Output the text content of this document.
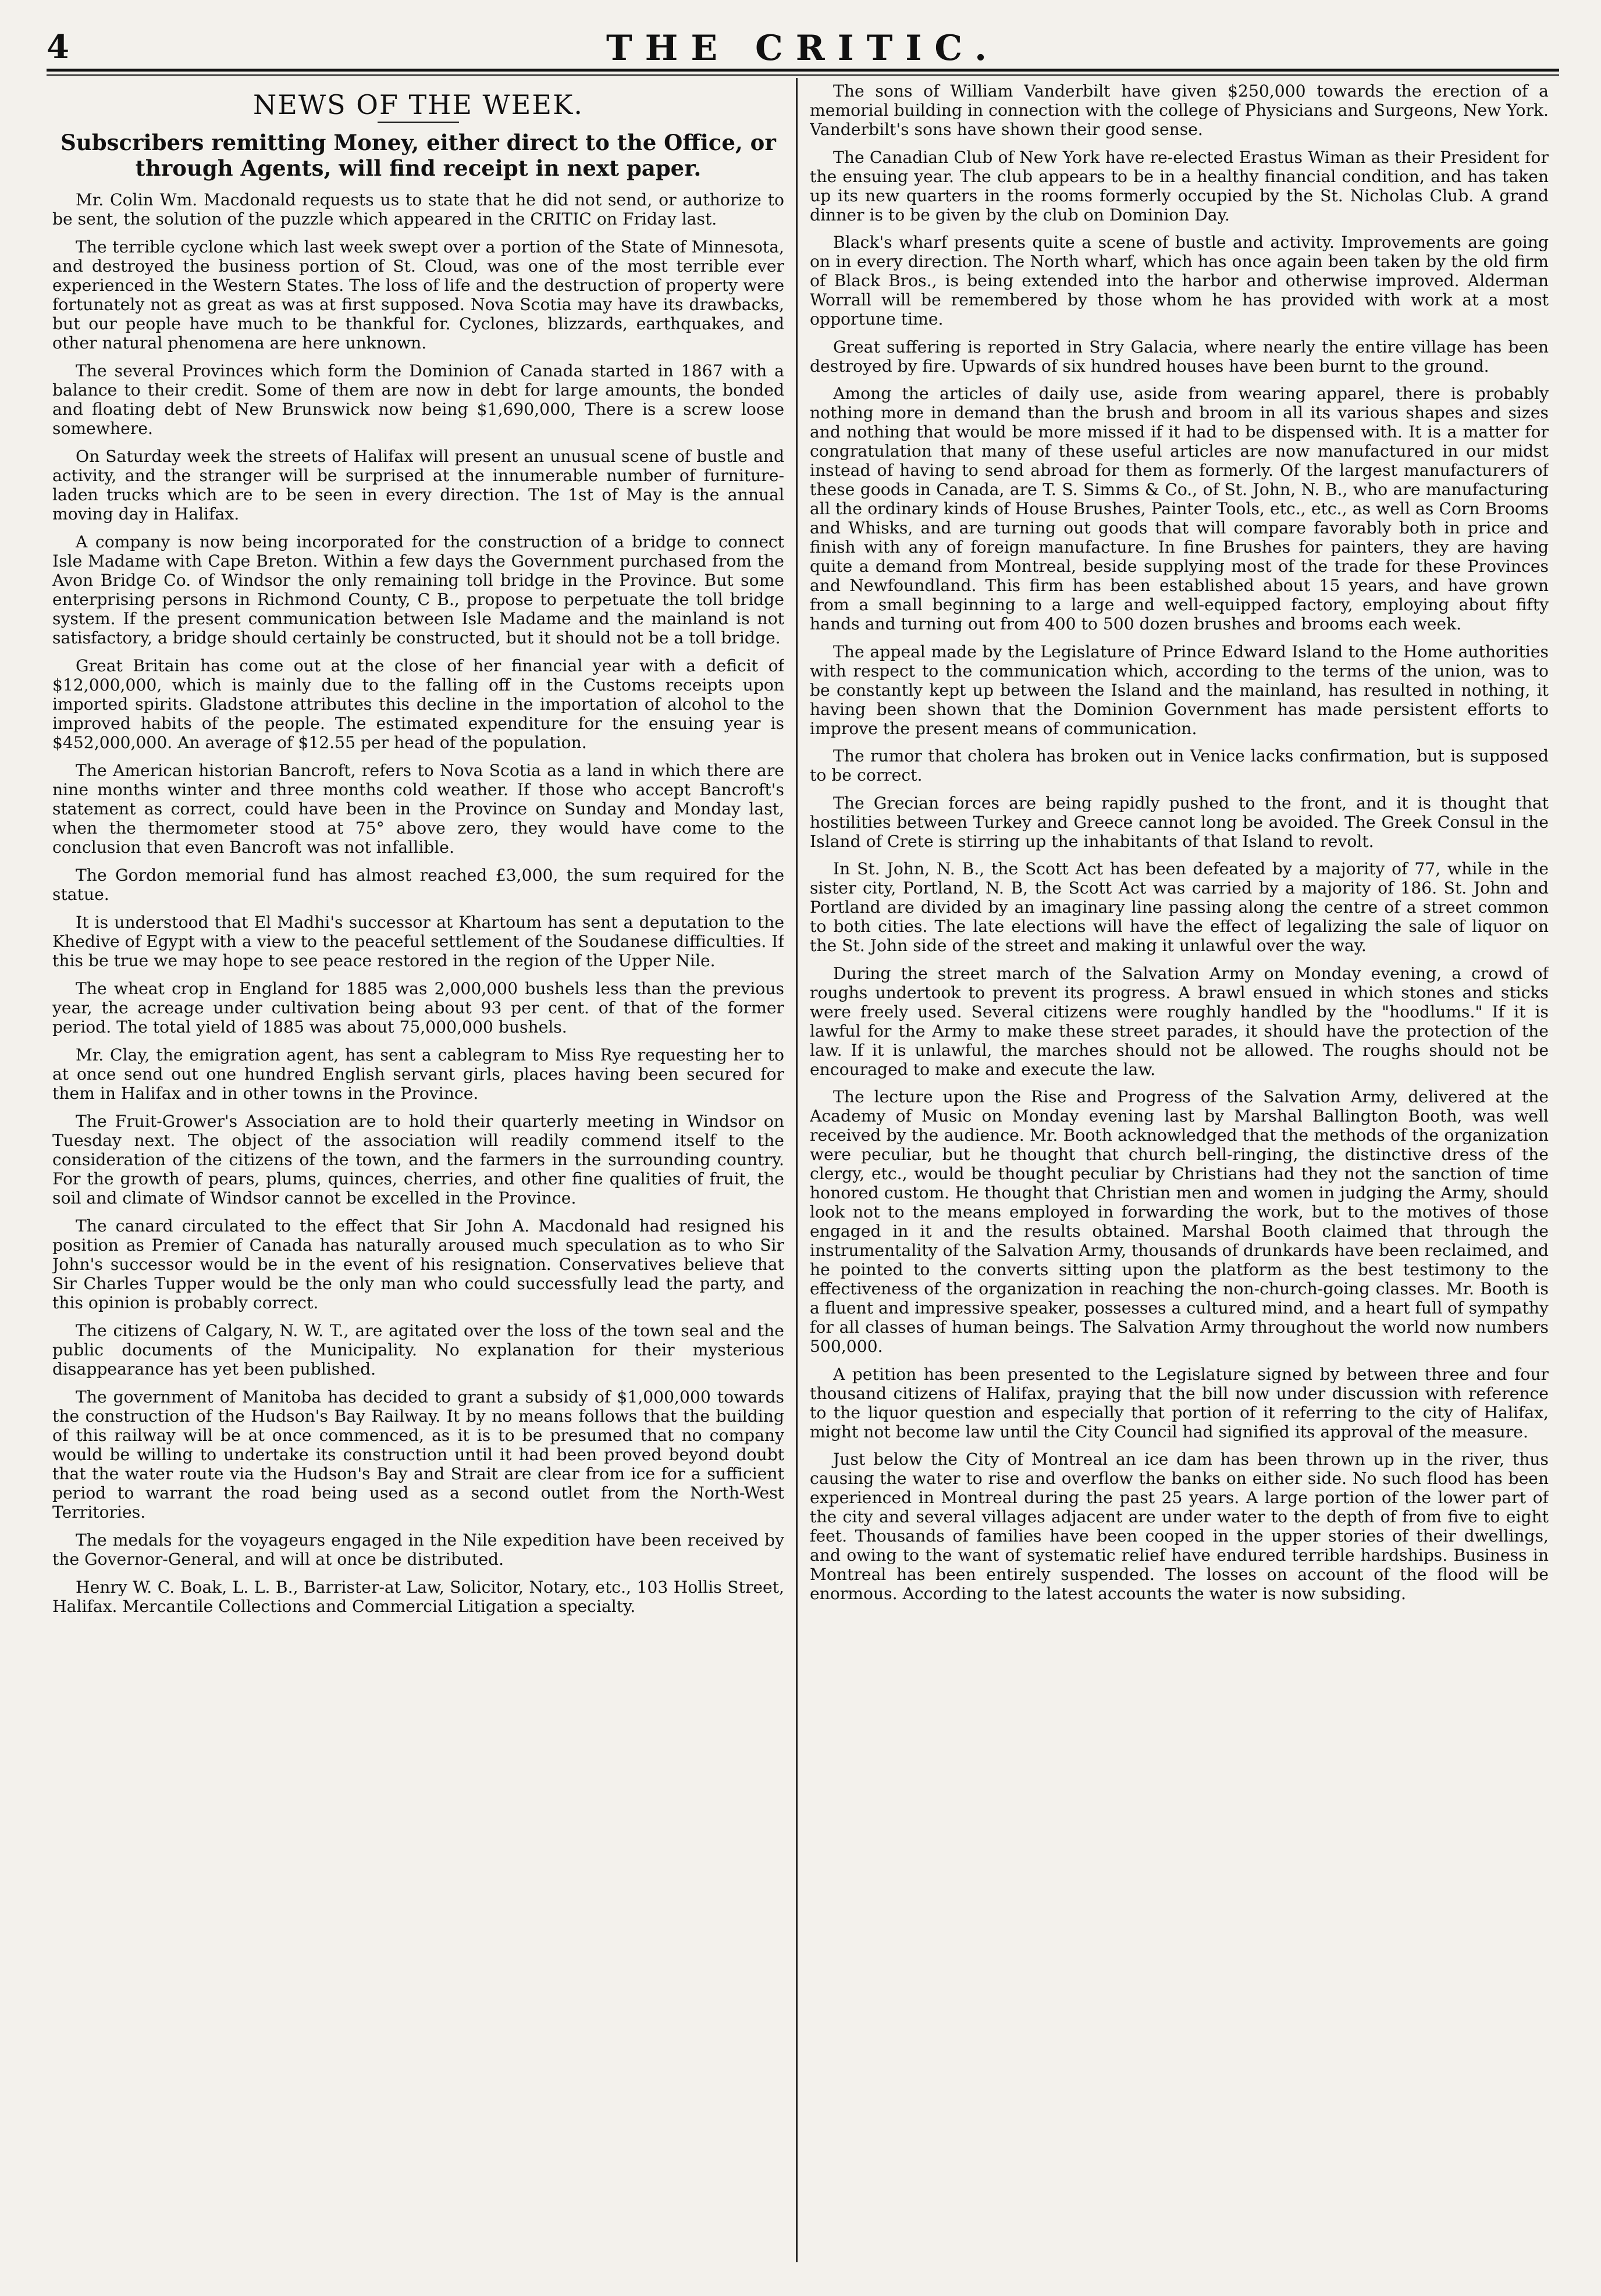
4	THE CRITIC.
NEWS OF THE WEEK.
Subscribers remitting Money, either direct to the Office, or through Agents, will find receipt in next paper.

Mr. Colin Wm. Macdonald requests us to state that he did not send, or authorize to be sent, the solution of the puzzle which appeared in the CRITIC on Friday last.

The terrible cyclone which last week swept over a portion of the State of Minnesota, and destroyed the business portion of St. Cloud, was one of the most terrible ever experienced in the Western States. The loss of life and the destruction of property were fortunately not as great as was at first supposed. Nova Scotia may have its drawbacks, but our people have much to be thankful for. Cyclones, blizzards, earthquakes, and other natural phenomena are here unknown.

The several Provinces which form the Dominion of Canada started in 1867 with a balance to their credit. Some of them are now in debt for large amounts, the bonded and floating debt of New Brunswick now being $1,690,000, There is a screw loose somewhere.

On Saturday week the streets of Halifax will present an unusual scene of bustle and activity, and the stranger will be surprised at the innumerable number of furniture-laden trucks which are to be seen in every direction. The 1st of May is the annual moving day in Halifax.

A company is now being incorporated for the construction of a bridge to connect Isle Madame with Cape Breton. Within a few days the Government purchased from the Avon Bridge Co. of Windsor the only remaining toll bridge in the Province. But some enterprising persons in Richmond County, C B., propose to perpetuate the toll bridge system. If the present communication between Isle Madame and the mainland is not satisfactory, a bridge should certainly be constructed, but it should not be a toll bridge.

Great Britain has come out at the close of her financial year with a deficit of $12,000,000, which is mainly due to the falling off in the Customs receipts upon imported spirits. Gladstone attributes this decline in the importation of alcohol to the improved habits of the people. The estimated expenditure for the ensuing year is $452,000,000. An average of $12.55 per head of the population.

The American historian Bancroft, refers to Nova Scotia as a land in which there are nine months winter and three months cold weather. If those who accept Bancroft's statement as correct, could have been in the Province on Sunday and Monday last, when the thermometer stood at 75° above zero, they would have come to the conclusion that even Bancroft was not infallible.

The Gordon memorial fund has almost reached £3,000, the sum required for the statue.

It is understood that El Madhi's successor at Khartoum has sent a deputation to the Khedive of Egypt with a view to the peaceful settlement of the Soudanese difficulties. If this be true we may hope to see peace restored in the region of the Upper Nile.

The wheat crop in England for 1885 was 2,000,000 bushels less than the previous year, the acreage under cultivation being about 93 per cent. of that of the former period. The total yield of 1885 was about 75,000,000 bushels.

Mr. Clay, the emigration agent, has sent a cablegram to Miss Rye requesting her to at once send out one hundred English servant girls, places having been secured for them in Halifax and in other towns in the Province.

The Fruit-Grower's Association are to hold their quarterly meeting in Windsor on Tuesday next. The object of the association will readily commend itself to the consideration of the citizens of the town, and the farmers in the surrounding country. For the growth of pears, plums, quinces, cherries, and other fine qualities of fruit, the soil and climate of Windsor cannot be excelled in the Province.

The canard circulated to the effect that Sir John A. Macdonald had resigned his position as Premier of Canada has naturally aroused much speculation as to who Sir John's successor would be in the event of his resignation. Conservatives believe that Sir Charles Tupper would be the only man who could successfully lead the party, and this opinion is probably correct.

The citizens of Calgary, N. W. T., are agitated over the loss of the town seal and the public documents of the Municipality. No explanation for their mysterious disappearance has yet been published.

The government of Manitoba has decided to grant a subsidy of $1,000,000 towards the construction of the Hudson's Bay Railway. It by no means follows that the building of this railway will be at once commenced, as it is to be presumed that no company would be willing to undertake its construction until it had been proved beyond doubt that the water route via the Hudson's Bay and Strait are clear from ice for a sufficient period to warrant the road being used as a second outlet from the North-West Territories.

The medals for the voyageurs engaged in the Nile expedition have been received by the Governor-General, and will at once be distributed.

Henry W. C. Boak, L. L. B., Barrister-at Law, Solicitor, Notary, etc., 103 Hollis Street, Halifax. Mercantile Collections and Commercial Litigation a specialty.

The sons of William Vanderbilt have given $250,000 towards the erection of a memorial building in connection with the college of Physicians and Surgeons, New York. Vanderbilt's sons have shown their good sense.

The Canadian Club of New York have re-elected Erastus Wiman as their President for the ensuing year. The club appears to be in a healthy financial condition, and has taken up its new quarters in the rooms formerly occupied by the St. Nicholas Club. A grand dinner is to be given by the club on Dominion Day.

Black's wharf presents quite a scene of bustle and activity. Improvements are going on in every direction. The North wharf, which has once again been taken by the old firm of Black Bros., is being extended into the harbor and otherwise improved. Alderman Worrall will be remembered by those whom he has provided with work at a most opportune time.

Great suffering is reported in Stry Galacia, where nearly the entire village has been destroyed by fire. Upwards of six hundred houses have been burnt to the ground.

Among the articles of daily use, aside from wearing apparel, there is probably nothing more in demand than the brush and broom in all its various shapes and sizes and nothing that would be more missed if it had to be dispensed with. It is a matter for congratulation that many of these useful articles are now manufactured in our midst instead of having to send abroad for them as formerly. Of the largest manufacturers of these goods in Canada, are T. S. Simms & Co., of St. John, N. B., who are manufacturing all the ordinary kinds of House Brushes, Painter Tools, etc., etc., as well as Corn Brooms and Whisks, and are turning out goods that will compare favorably both in price and finish with any of foreign manufacture. In fine Brushes for painters, they are having quite a demand from Montreal, beside supplying most of the trade for these Provinces and Newfoundland. This firm has been established about 15 years, and have grown from a small beginning to a large and well-equipped factory, employing about fifty hands and turning out from 400 to 500 dozen brushes and brooms each week.

The appeal made by the Legislature of Prince Edward Island to the Home authorities with respect to the communication which, according to the terms of the union, was to be constantly kept up between the Island and the mainland, has resulted in nothing, it having been shown that the Dominion Government has made persistent efforts to improve the present means of communication.

The rumor that cholera has broken out in Venice lacks confirmation, but is supposed to be correct.

The Grecian forces are being rapidly pushed to the front, and it is thought that hostilities between Turkey and Greece cannot long be avoided. The Greek Consul in the Island of Crete is stirring up the inhabitants of that Island to revolt.

In St. John, N. B., the Scott Act has been defeated by a majority of 77, while in the sister city, Portland, N. B, the Scott Act was carried by a majority of 186. St. John and Portland are divided by an imaginary line passing along the centre of a street common to both cities. The late elections will have the effect of legalizing the sale of liquor on the St. John side of the street and making it unlawful over the way.

During the street march of the Salvation Army on Monday evening, a crowd of roughs undertook to prevent its progress. A brawl ensued in which stones and sticks were freely used. Several citizens were roughly handled by the "hoodlums." If it is lawful for the Army to make these street parades, it should have the protection of the law. If it is unlawful, the marches should not be allowed. The roughs should not be encouraged to make and execute the law.

The lecture upon the Rise and Progress of the Salvation Army, delivered at the Academy of Music on Monday evening last by Marshal Ballington Booth, was well received by the audience. Mr. Booth acknowledged that the methods of the organization were peculiar, but he thought that church bell-ringing, the distinctive dress of the clergy, etc., would be thought peculiar by Christians had they not the sanction of time honored custom. He thought that Christian men and women in judging the Army, should look not to the means employed in forwarding the work, but to the motives of those engaged in it and the results obtained. Marshal Booth claimed that through the instrumentality of the Salvation Army, thousands of drunkards have been reclaimed, and he pointed to the converts sitting upon the platform as the best testimony to the effectiveness of the organization in reaching the non-church-going classes. Mr. Booth is a fluent and impressive speaker, possesses a cultured mind, and a heart full of sympathy for all classes of human beings. The Salvation Army throughout the world now numbers 500,000.

A petition has been presented to the Legislature signed by between three and four thousand citizens of Halifax, praying that the bill now under discussion with reference to the liquor question and especially that portion of it referring to the city of Halifax, might not become law until the City Council had signified its approval of the measure.

Just below the City of Montreal an ice dam has been thrown up in the river, thus causing the water to rise and overflow the banks on either side. No such flood has been experienced in Montreal during the past 25 years. A large portion of the lower part of the city and several villages adjacent are under water to the depth of from five to eight feet. Thousands of families have been cooped in the upper stories of their dwellings, and owing to the want of systematic relief have endured terrible hardships. Business in Montreal has been entirely suspended. The losses on account of the flood will be enormous. According to the latest accounts the water is now subsiding.
